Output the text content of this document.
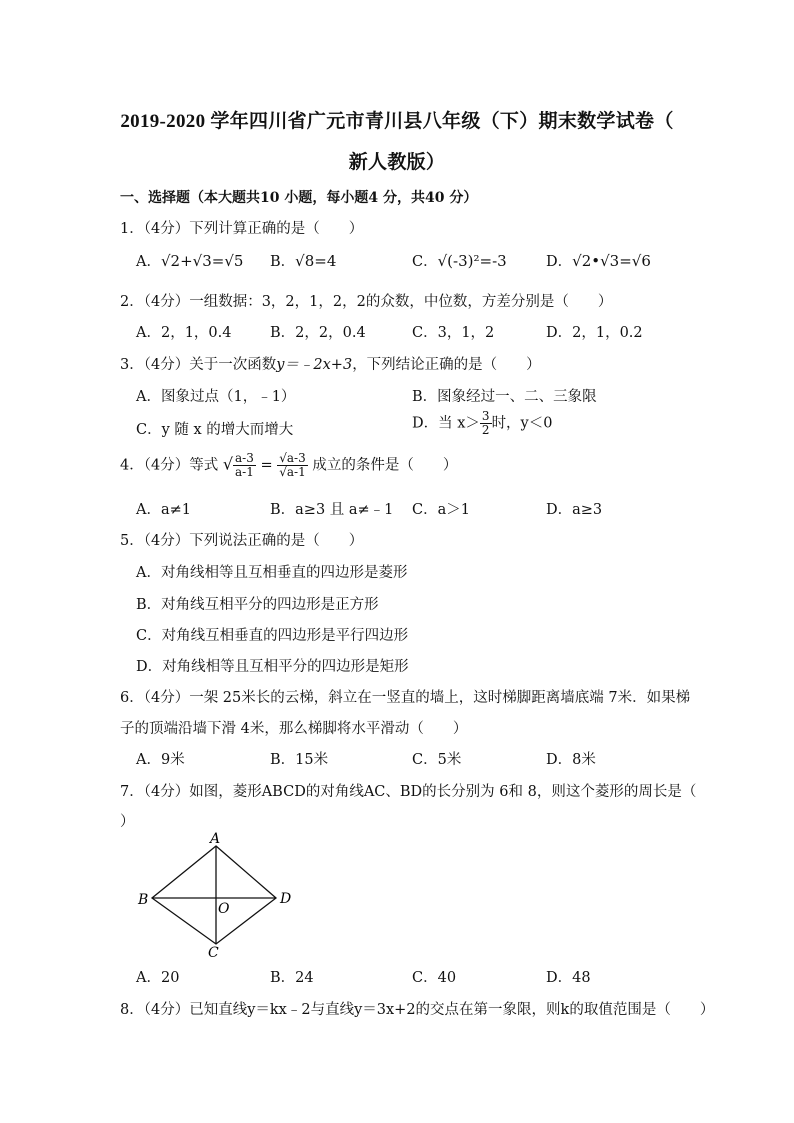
2019-2020 学年四川省广元市青川县八年级（下）期末数学试卷（
新人教版）
一、选择题（本大题共10 小题，每小题4 分，共40 分）
1．（4分）下列计算正确的是（　　）
A．√2+√3=√5 B．√8=4	C．√(-3)²=-3	D．√2•√3=√6
2．（4分）一组数据：3，2，1，2，2的众数，中位数，方差分别是（　　）
A．2，1，0.4	B．2，2，0.4	C．3，1，2	D．2，1，0.2
3．（4分）关于一次函数y＝﹣2x+3，下列结论正确的是（　　）
A．图象过点（1，﹣1）	B．图象经过一、二、三象限
C．y 随 x 的增大而增大	D．当 $x> \frac{3}{2}$ 时，y＜0
4．（4分）等式 √ $\frac{a-3}{a-1} = \frac{√a-3}{√a-1}$ 成立的条件是（　　）
A．a≠1	B．a≥3 且 a≠﹣1 C．a＞1	D．a≥3
5．（4分）下列说法正确的是（　　）
A．对角线相等且互相垂直的四边形是菱形
B．对角线互相平分的四边形是正方形
C．对角线互相垂直的四边形是平行四边形
D．对角线相等且互相平分的四边形是矩形
6．（4分）一架 25米长的云梯，斜立在一竖直的墙上，这时梯脚距离墙底端 7米．如果梯
子的顶端沿墙下滑 4米，那么梯脚将水平滑动（　　）
A．9米	B．15米	C．5米	D．8米
7．（4分）如图，菱形ABCD的对角线AC、BD的长分别为 6和 8，则这个菱形的周长是（
）
A
B
C
D
O
A．20	B．24	C．40	D．48
8．（4分）已知直线y＝kx﹣2与直线y＝3x+2的交点在第一象限，则k的取值范围是（　　）
